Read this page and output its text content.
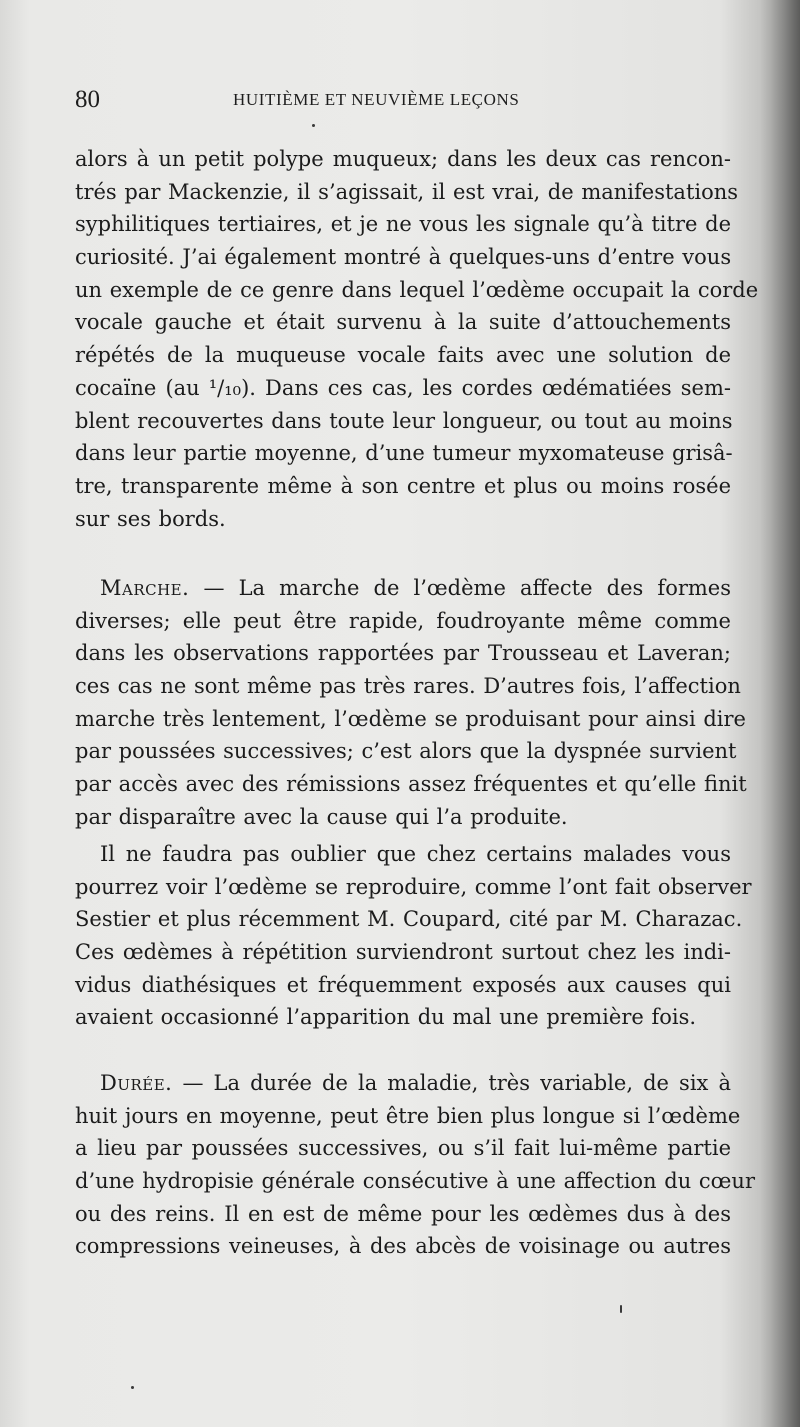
80	HUITIÈME ET NEUVIÈME LEÇONS
alors à un petit polype muqueux; dans les deux cas rencon-
trés par Mackenzie, il s’agissait, il est vrai, de manifestations
syphilitiques tertiaires, et je ne vous les signale qu’à titre de
curiosité. J’ai également montré à quelques-uns d’entre vous
un exemple de ce genre dans lequel l’œdème occupait la corde
vocale gauche et était survenu à la suite d’attouchements
répétés de la muqueuse vocale faits avec une solution de
cocaïne (au ¹/₁₀). Dans ces cas, les cordes œdématiées sem-
blent recouvertes dans toute leur longueur, ou tout au moins
dans leur partie moyenne, d’une tumeur myxomateuse grisâ-
tre, transparente même à son centre et plus ou moins rosée
sur ses bords.
Marche. — La marche de l’œdème affecte des formes
diverses; elle peut être rapide, foudroyante même comme
dans les observations rapportées par Trousseau et Laveran;
ces cas ne sont même pas très rares. D’autres fois, l’affection
marche très lentement, l’œdème se produisant pour ainsi dire
par poussées successives; c’est alors que la dyspnée survient
par accès avec des rémissions assez fréquentes et qu’elle finit
par disparaître avec la cause qui l’a produite.
Il ne faudra pas oublier que chez certains malades vous
pourrez voir l’œdème se reproduire, comme l’ont fait observer
Sestier et plus récemment M. Coupard, cité par M. Charazac.
Ces œdèmes à répétition surviendront surtout chez les indi-
vidus diathésiques et fréquemment exposés aux causes qui
avaient occasionné l’apparition du mal une première fois.
Durée. — La durée de la maladie, très variable, de six à
huit jours en moyenne, peut être bien plus longue si l’œdème
a lieu par poussées successives, ou s’il fait lui-même partie
d’une hydropisie générale consécutive à une affection du cœur
ou des reins. Il en est de même pour les œdèmes dus à des
compressions veineuses, à des abcès de voisinage ou autres
